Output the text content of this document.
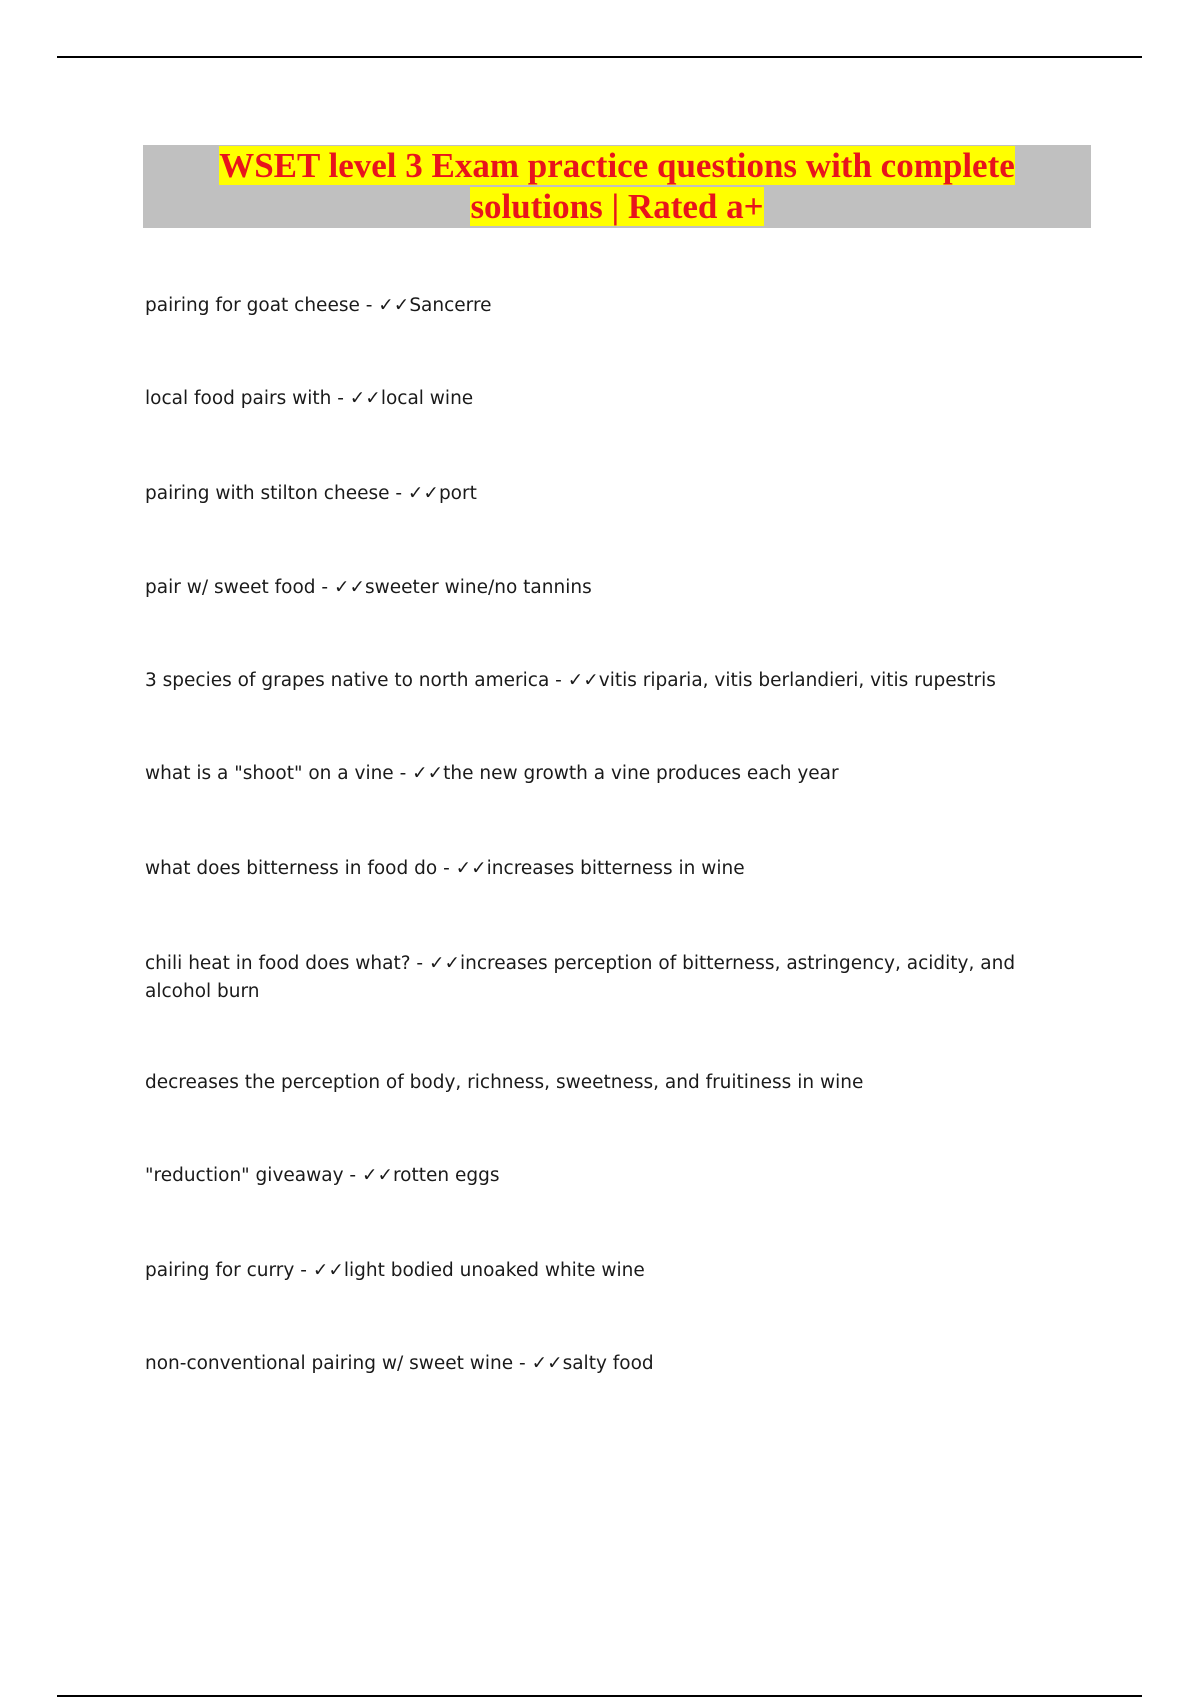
WSET level 3 Exam practice questions with complete
solutions | Rated a+

pairing for goat cheese - ✓✓Sancerre

local food pairs with - ✓✓local wine

pairing with stilton cheese - ✓✓port

pair w/ sweet food - ✓✓sweeter wine/no tannins

3 species of grapes native to north america - ✓✓vitis riparia, vitis berlandieri, vitis rupestris

what is a "shoot" on a vine - ✓✓the new growth a vine produces each year

what does bitterness in food do - ✓✓increases bitterness in wine

chili heat in food does what? - ✓✓increases perception of bitterness, astringency, acidity, and alcohol burn

decreases the perception of body, richness, sweetness, and fruitiness in wine

"reduction" giveaway - ✓✓rotten eggs

pairing for curry - ✓✓light bodied unoaked white wine

non-conventional pairing w/ sweet wine - ✓✓salty food
